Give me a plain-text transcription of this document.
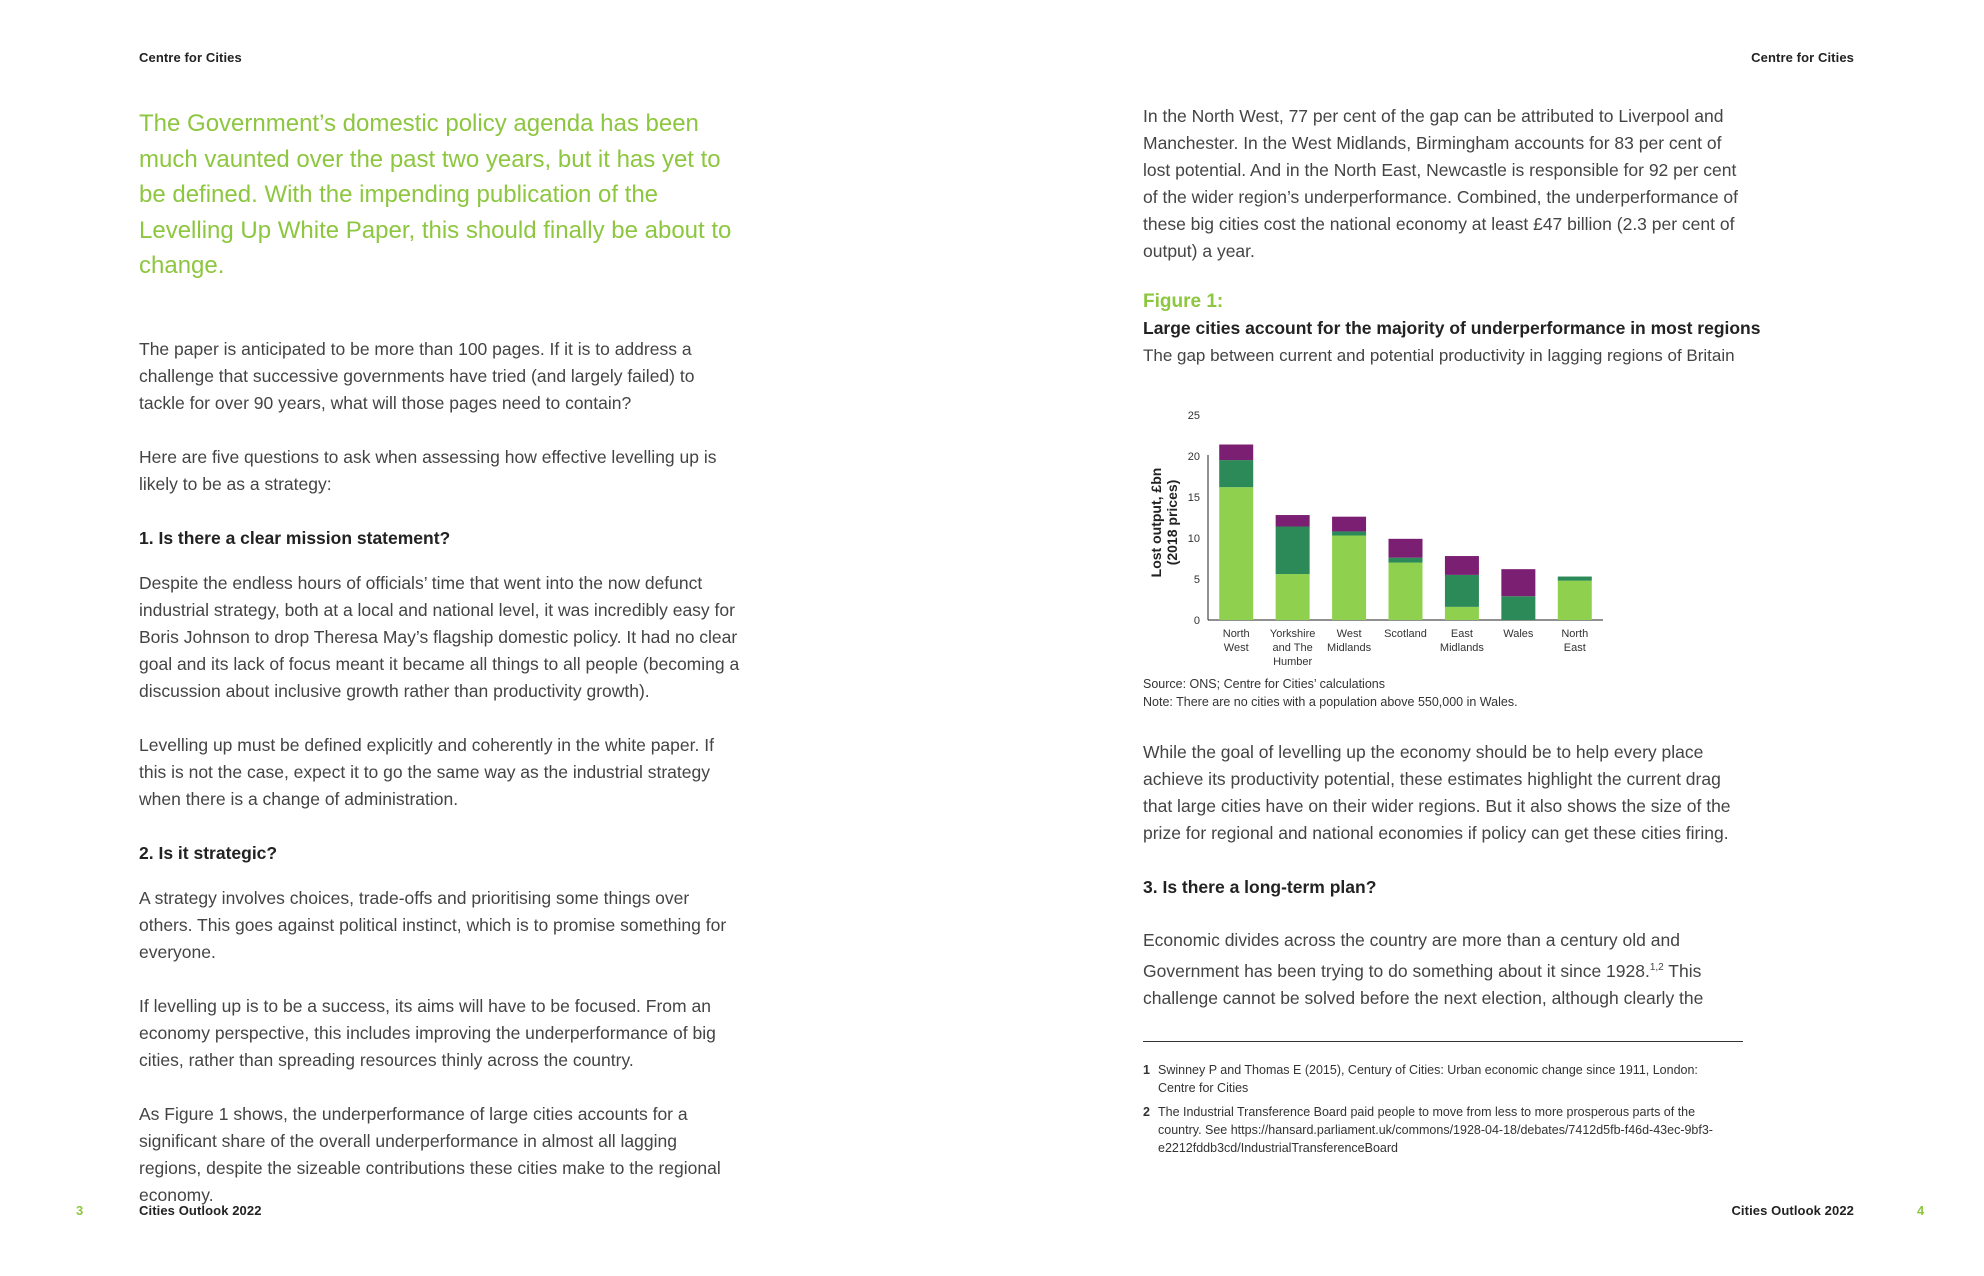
Centre for Cities	Centre for Cities
The Government’s domestic policy agenda has been much vaunted over the past two years, but it has yet to be defined. With the impending publication of the Levelling Up White Paper, this should finally be about to change.

The paper is anticipated to be more than 100 pages. If it is to address a challenge that successive governments have tried (and largely failed) to tackle for over 90 years, what will those pages need to contain?

Here are five questions to ask when assessing how effective levelling up is likely to be as a strategy:

1. Is there a clear mission statement?

Despite the endless hours of officials’ time that went into the now defunct industrial strategy, both at a local and national level, it was incredibly easy for Boris Johnson to drop Theresa May’s flagship domestic policy. It had no clear goal and its lack of focus meant it became all things to all people (becoming a discussion about inclusive growth rather than productivity growth).

Levelling up must be defined explicitly and coherently in the white paper. If this is not the case, expect it to go the same way as the industrial strategy when there is a change of administration.

2. Is it strategic?

A strategy involves choices, trade-offs and prioritising some things over others. This goes against political instinct, which is to promise something for everyone.

If levelling up is to be a success, its aims will have to be focused. From an economy perspective, this includes improving the underperformance of big cities, rather than spreading resources thinly across the country.

As Figure 1 shows, the underperformance of large cities accounts for a significant share of the overall underperformance in almost all lagging regions, despite the sizeable contributions these cities make to the regional economy.

In the North West, 77 per cent of the gap can be attributed to Liverpool and Manchester. In the West Midlands, Birmingham accounts for 83 per cent of lost potential. And in the North East, Newcastle is responsible for 92 per cent of the wider region’s underperformance. Combined, the underperformance of these big cities cost the national economy at least £47 billion (2.3 per cent of output) a year.
Figure 1:
Large cities account for the majority of underperformance in most regions
The gap between current and potential productivity in lagging regions of Britain
0
5
10
15
20
25
Lost output, £bn (2018 prices)
North
West
Yorkshire
and The
Humber
West
Midlands
Scotland East
Midlands
Wales	North
East
Source: ONS; Centre for Cities’ calculations
Note: There are no cities with a population above 550,000 in Wales.

While the goal of levelling up the economy should be to help every place achieve its productivity potential, these estimates highlight the current drag that large cities have on their wider regions. But it also shows the size of the prize for regional and national economies if policy can get these cities firing.

3. Is there a long-term plan?

Economic divides across the country are more than a century old and Government has been trying to do something about it since 1928.$^{1,2}$ This challenge cannot be solved before the next election, although clearly the

1 Swinney P and Thomas E (2015), Century of Cities: Urban economic change since 1911, London: Centre for Cities
2 The Industrial Transference Board paid people to move from less to more prosperous parts of the country. See https://hansard.parliament.uk/commons/1928-04-18/debates/7412d5fb-f46d-43ec-9bf3-e2212fddb3cd/IndustrialTransferenceBoard
3	Cities Outlook 2022	Cities Outlook 2022	4
